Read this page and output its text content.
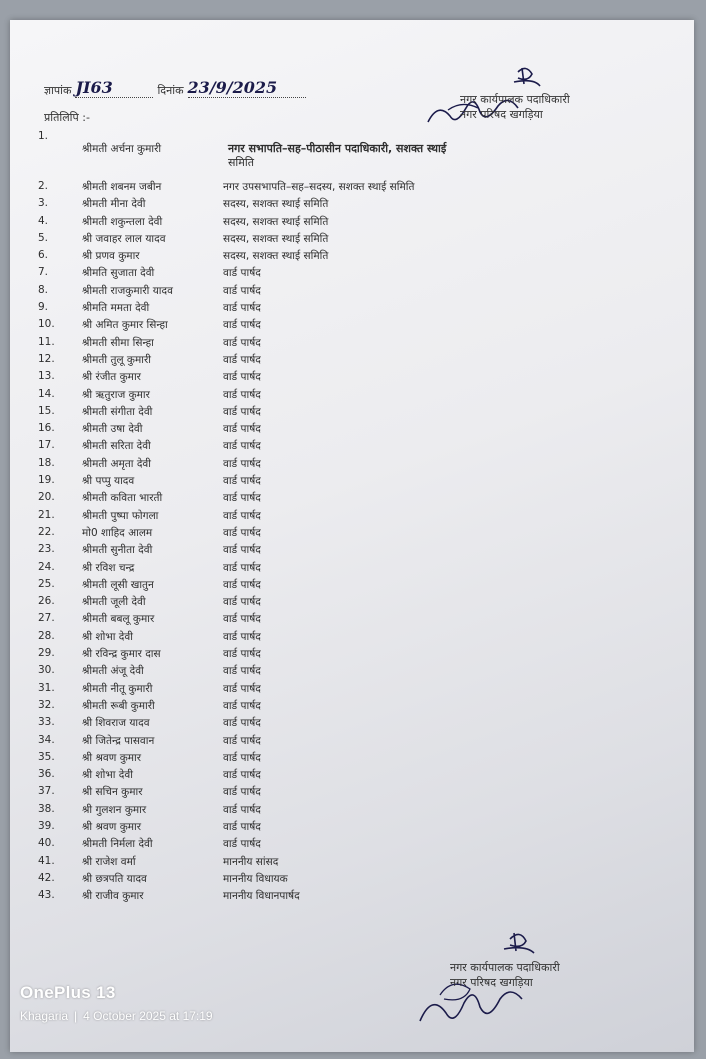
ज्ञापांक JI63	दिनांक 23/9/2025
नगर कार्यपालक पदाधिकारी
नगर परिषद खगड़िया
प्रतिलिपि :-
1.
श्रीमती अर्चना कुमारी	नगर सभापति–सह–पीठासीन पदाधिकारी, सशक्त स्थाई
समिति
2.	श्रीमती शबनम जबीन	नगर उपसभापति–सह–सदस्य, सशक्त स्थाई समिति
3.	श्रीमती मीना देवी	सदस्य, सशक्त स्थाई समिति
4.	श्रीमती शकुन्तला देवी	सदस्य, सशक्त स्थाई समिति
5.	श्री जवाहर लाल यादव	सदस्य, सशक्त स्थाई समिति
6.	श्री प्रणव कुमार	सदस्य, सशक्त स्थाई समिति
7.	श्रीमति सुजाता देवी	वार्ड पार्षद
8.	श्रीमती राजकुमारी यादव	वार्ड पार्षद
9.	श्रीमति ममता देवी	वार्ड पार्षद
10.	श्री अमित कुमार सिन्हा	वार्ड पार्षद
11.	श्रीमती सीमा सिन्हा	वार्ड पार्षद
12.	श्रीमती तुलू कुमारी	वार्ड पार्षद
13.	श्री रंजीत कुमार	वार्ड पार्षद
14.	श्री ऋतुराज कुमार	वार्ड पार्षद
15.	श्रीमती संगीता देवी	वार्ड पार्षद
16.	श्रीमती उषा देवी	वार्ड पार्षद
17.	श्रीमती सरिता देवी	वार्ड पार्षद
18.	श्रीमती अमृता देवी	वार्ड पार्षद
19.	श्री पप्पु यादव	वार्ड पार्षद
20.	श्रीमती कविता भारती	वार्ड पार्षद
21.	श्रीमती पुष्पा फोगला	वार्ड पार्षद
22.	मो0 शाहिद आलम	वार्ड पार्षद
23.	श्रीमती सुनीता देवी	वार्ड पार्षद
24.	श्री रविश चन्द्र	वार्ड पार्षद
25.	श्रीमती लूसी खातुन	वार्ड पार्षद
26.	श्रीमती जूली देवी	वार्ड पार्षद
27.	श्रीमती बबलू कुमार	वार्ड पार्षद
28.	श्री शोभा देवी	वार्ड पार्षद
29.	श्री रविन्द्र कुमार दास	वार्ड पार्षद
30.	श्रीमती अंजू देवी	वार्ड पार्षद
31.	श्रीमती नीतू कुमारी	वार्ड पार्षद
32.	श्रीमती रूबी कुमारी	वार्ड पार्षद
33.	श्री शिवराज यादव	वार्ड पार्षद
34.	श्री जितेन्द्र पासवान	वार्ड पार्षद
35.	श्री श्रवण कुमार	वार्ड पार्षद
36.	श्री शोभा देवी	वार्ड पार्षद
37.	श्री सचिन कुमार	वार्ड पार्षद
38.	श्री गुलशन कुमार	वार्ड पार्षद
39.	श्री श्रवण कुमार	वार्ड पार्षद
40.	श्रीमती निर्मला देवी	वार्ड पार्षद
41.	श्री राजेश वर्मा	माननीय सांसद
42.	श्री छत्रपति यादव	माननीय विधायक
43.	श्री राजीव कुमार	माननीय विधानपार्षद
नगर कार्यपालक पदाधिकारी
नगर परिषद खगड़िया
OnePlus 13
Khagaria | 4 October 2025 at 17:19
